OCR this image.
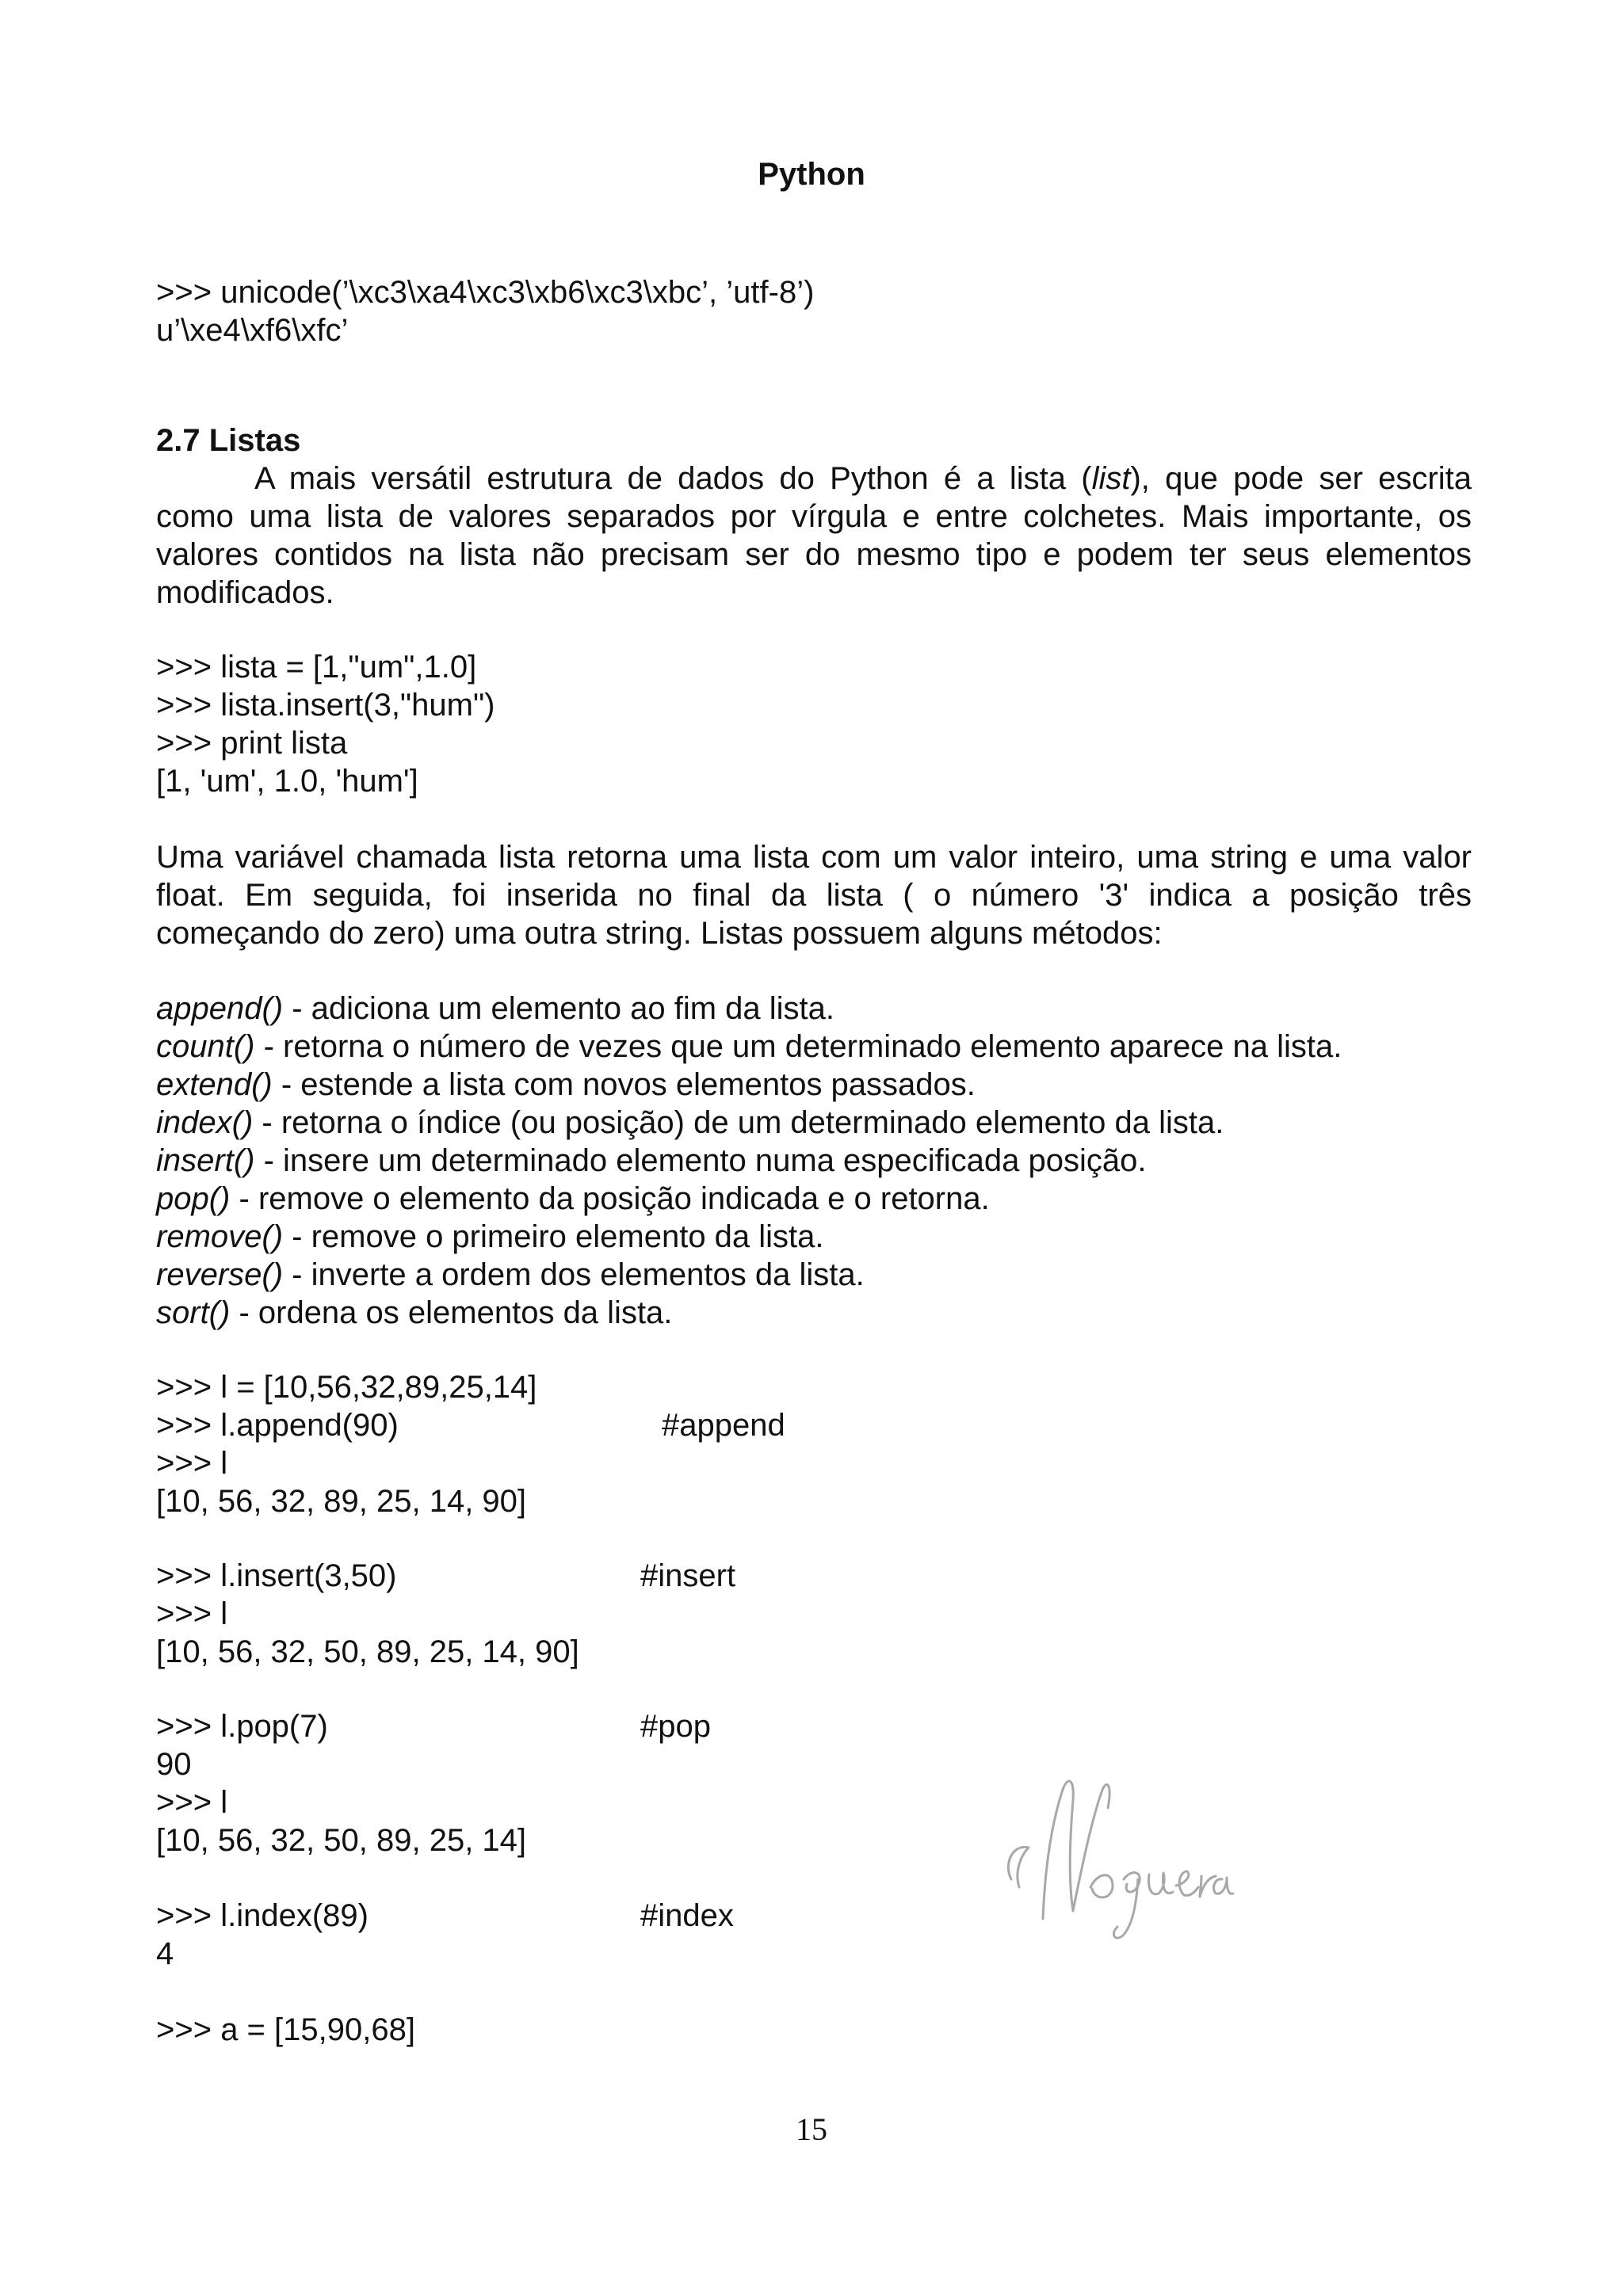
Python
>>> unicode(’\xc3\xa4\xc3\xb6\xc3\xbc’, ’utf-8’)
u’\xe4\xf6\xfc’
2.7 Listas
A mais versátil estrutura de dados do Python é a lista (list), que pode ser escrita
como uma lista de valores separados por vírgula e entre colchetes. Mais importante, os
valores contidos na lista não precisam ser do mesmo tipo e podem ter seus elementos
modificados.
>>> lista = [1,"um",1.0]
>>> lista.insert(3,"hum")
>>> print lista
[1, 'um', 1.0, 'hum']
Uma variável chamada lista retorna uma lista com um valor inteiro, uma string e uma valor
float. Em seguida, foi inserida no final da lista ( o número '3' indica a posição três
começando do zero) uma outra string. Listas possuem alguns métodos:
append() - adiciona um elemento ao fim da lista.
count() - retorna o número de vezes que um determinado elemento aparece na lista.
extend() - estende a lista com novos elementos passados.
index() - retorna o índice (ou posição) de um determinado elemento da lista.
insert() - insere um determinado elemento numa especificada posição.
pop() - remove o elemento da posição indicada e o retorna.
remove() - remove o primeiro elemento da lista.
reverse() - inverte a ordem dos elementos da lista.
sort() - ordena os elementos da lista.
>>> l = [10,56,32,89,25,14]
>>> l.append(90)	#append
>>> l
[10, 56, 32, 89, 25, 14, 90]
>>> l.insert(3,50)	#insert
>>> l
[10, 56, 32, 50, 89, 25, 14, 90]
>>> l.pop(7)	#pop
90
>>> l
[10, 56, 32, 50, 89, 25, 14]
>>> l.index(89)	#index
4
>>> a = [15,90,68]
15
